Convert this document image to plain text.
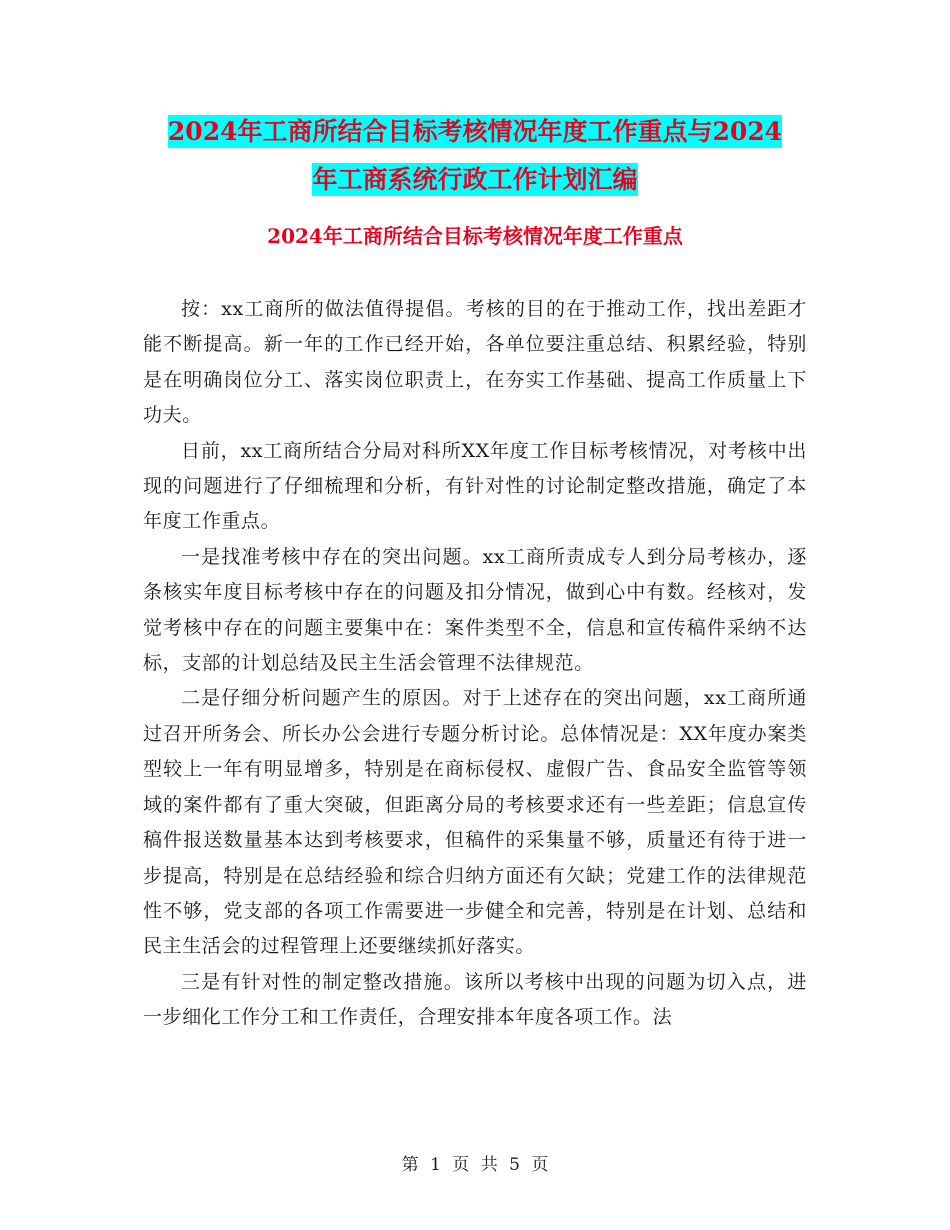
2024年工商所结合目标考核情况年度工作重点与2024
年工商系统行政工作计划汇编
2024年工商所结合目标考核情况年度工作重点

按：xx工商所的做法值得提倡。考核的目的在于推动工作，找出差距才能不断提高。新一年的工作已经开始，各单位要注重总结、积累经验，特别是在明确岗位分工、落实岗位职责上，在夯实工作基础、提高工作质量上下功夫。

日前，xx工商所结合分局对科所XX年度工作目标考核情况，对考核中出现的问题进行了仔细梳理和分析，有针对性的讨论制定整改措施，确定了本年度工作重点。

一是找准考核中存在的突出问题。xx工商所责成专人到分局考核办，逐条核实年度目标考核中存在的问题及扣分情况，做到心中有数。经核对，发觉考核中存在的问题主要集中在：案件类型不全，信息和宣传稿件采纳不达标，支部的计划总结及民主生活会管理不法律规范。

二是仔细分析问题产生的原因。对于上述存在的突出问题，xx工商所通过召开所务会、所长办公会进行专题分析讨论。总体情况是：XX年度办案类型较上一年有明显增多，特别是在商标侵权、虚假广告、食品安全监管等领域的案件都有了重大突破，但距离分局的考核要求还有一些差距；信息宣传稿件报送数量基本达到考核要求，但稿件的采集量不够，质量还有待于进一步提高，特别是在总结经验和综合归纳方面还有欠缺；党建工作的法律规范性不够，党支部的各项工作需要进一步健全和完善，特别是在计划、总结和民主生活会的过程管理上还要继续抓好落实。

三是有针对性的制定整改措施。该所以考核中出现的问题为切入点，进一步细化工作分工和工作责任，合理安排本年度各项工作。法

第 1 页 共 5 页
